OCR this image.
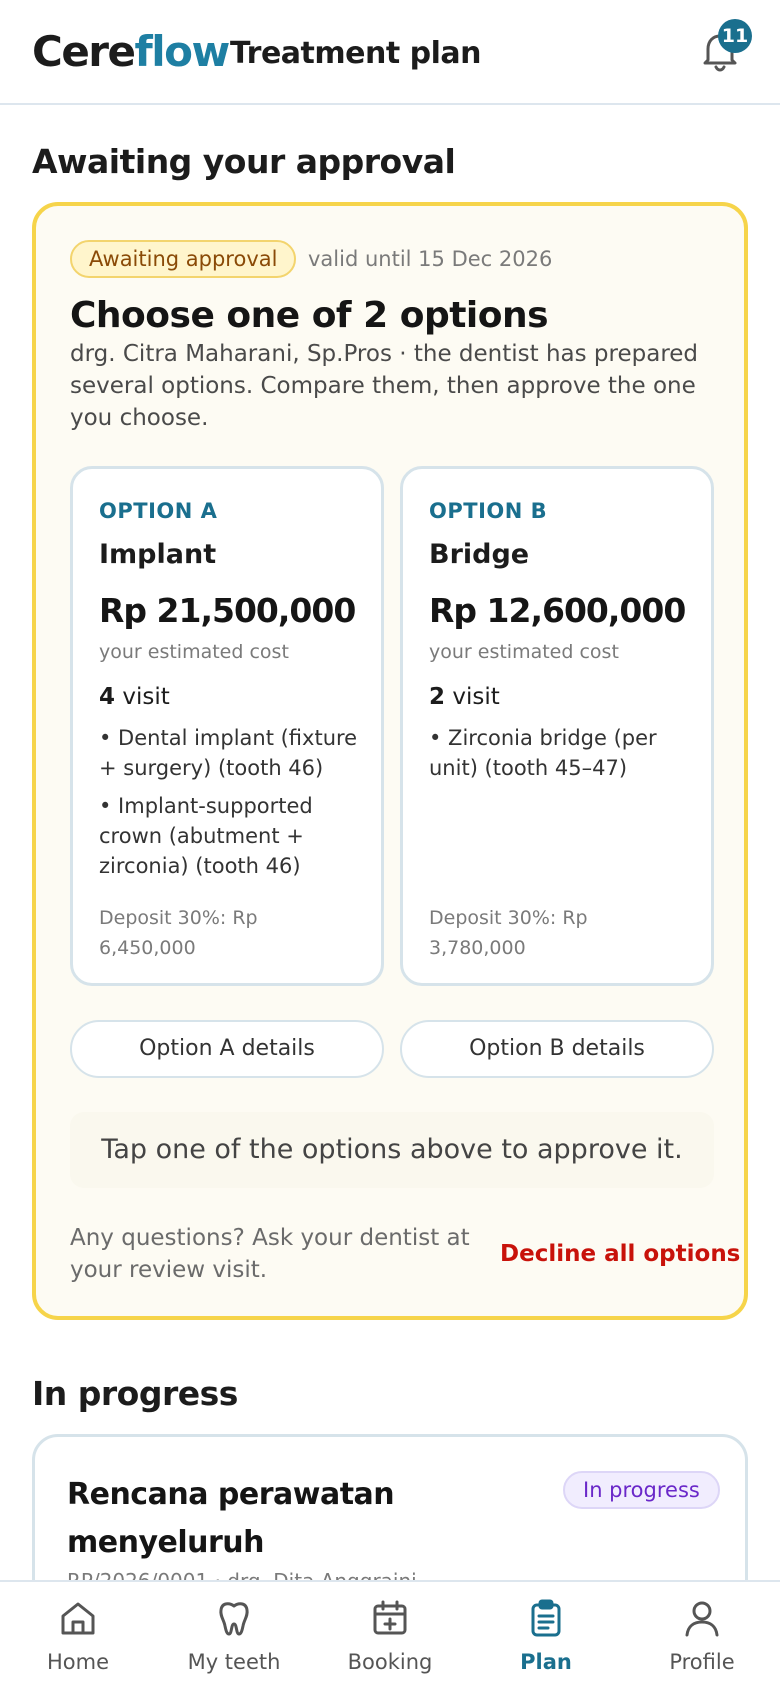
Cereflow Treatment plan	11
Awaiting your approval
Awaiting approval	valid until 15 Dec 2026
Choose one of 2 options
drg. Citra Maharani, Sp.Pros · the dentist has prepared several options. Compare them, then approve the one you choose.
OPTION A
Implant
Rp 21,500,000
your estimated cost
4 visit
• Dental implant (fixture + surgery) (tooth 46)
• Implant-supported crown (abutment + zirconia) (tooth 46)
Deposit 30%: Rp 6,450,000
OPTION B
Bridge
Rp 12,600,000
your estimated cost
2 visit
• Zirconia bridge (per unit) (tooth 45–47)
Deposit 30%: Rp 3,780,000
Option A details	Option B details
Tap one of the options above to approve it.
Any questions? Ask your dentist at your review visit.
Decline all options
In progress
Rencana perawatan menyeluruh
In progress
Home	My teeth	Booking	Plan	Profile
